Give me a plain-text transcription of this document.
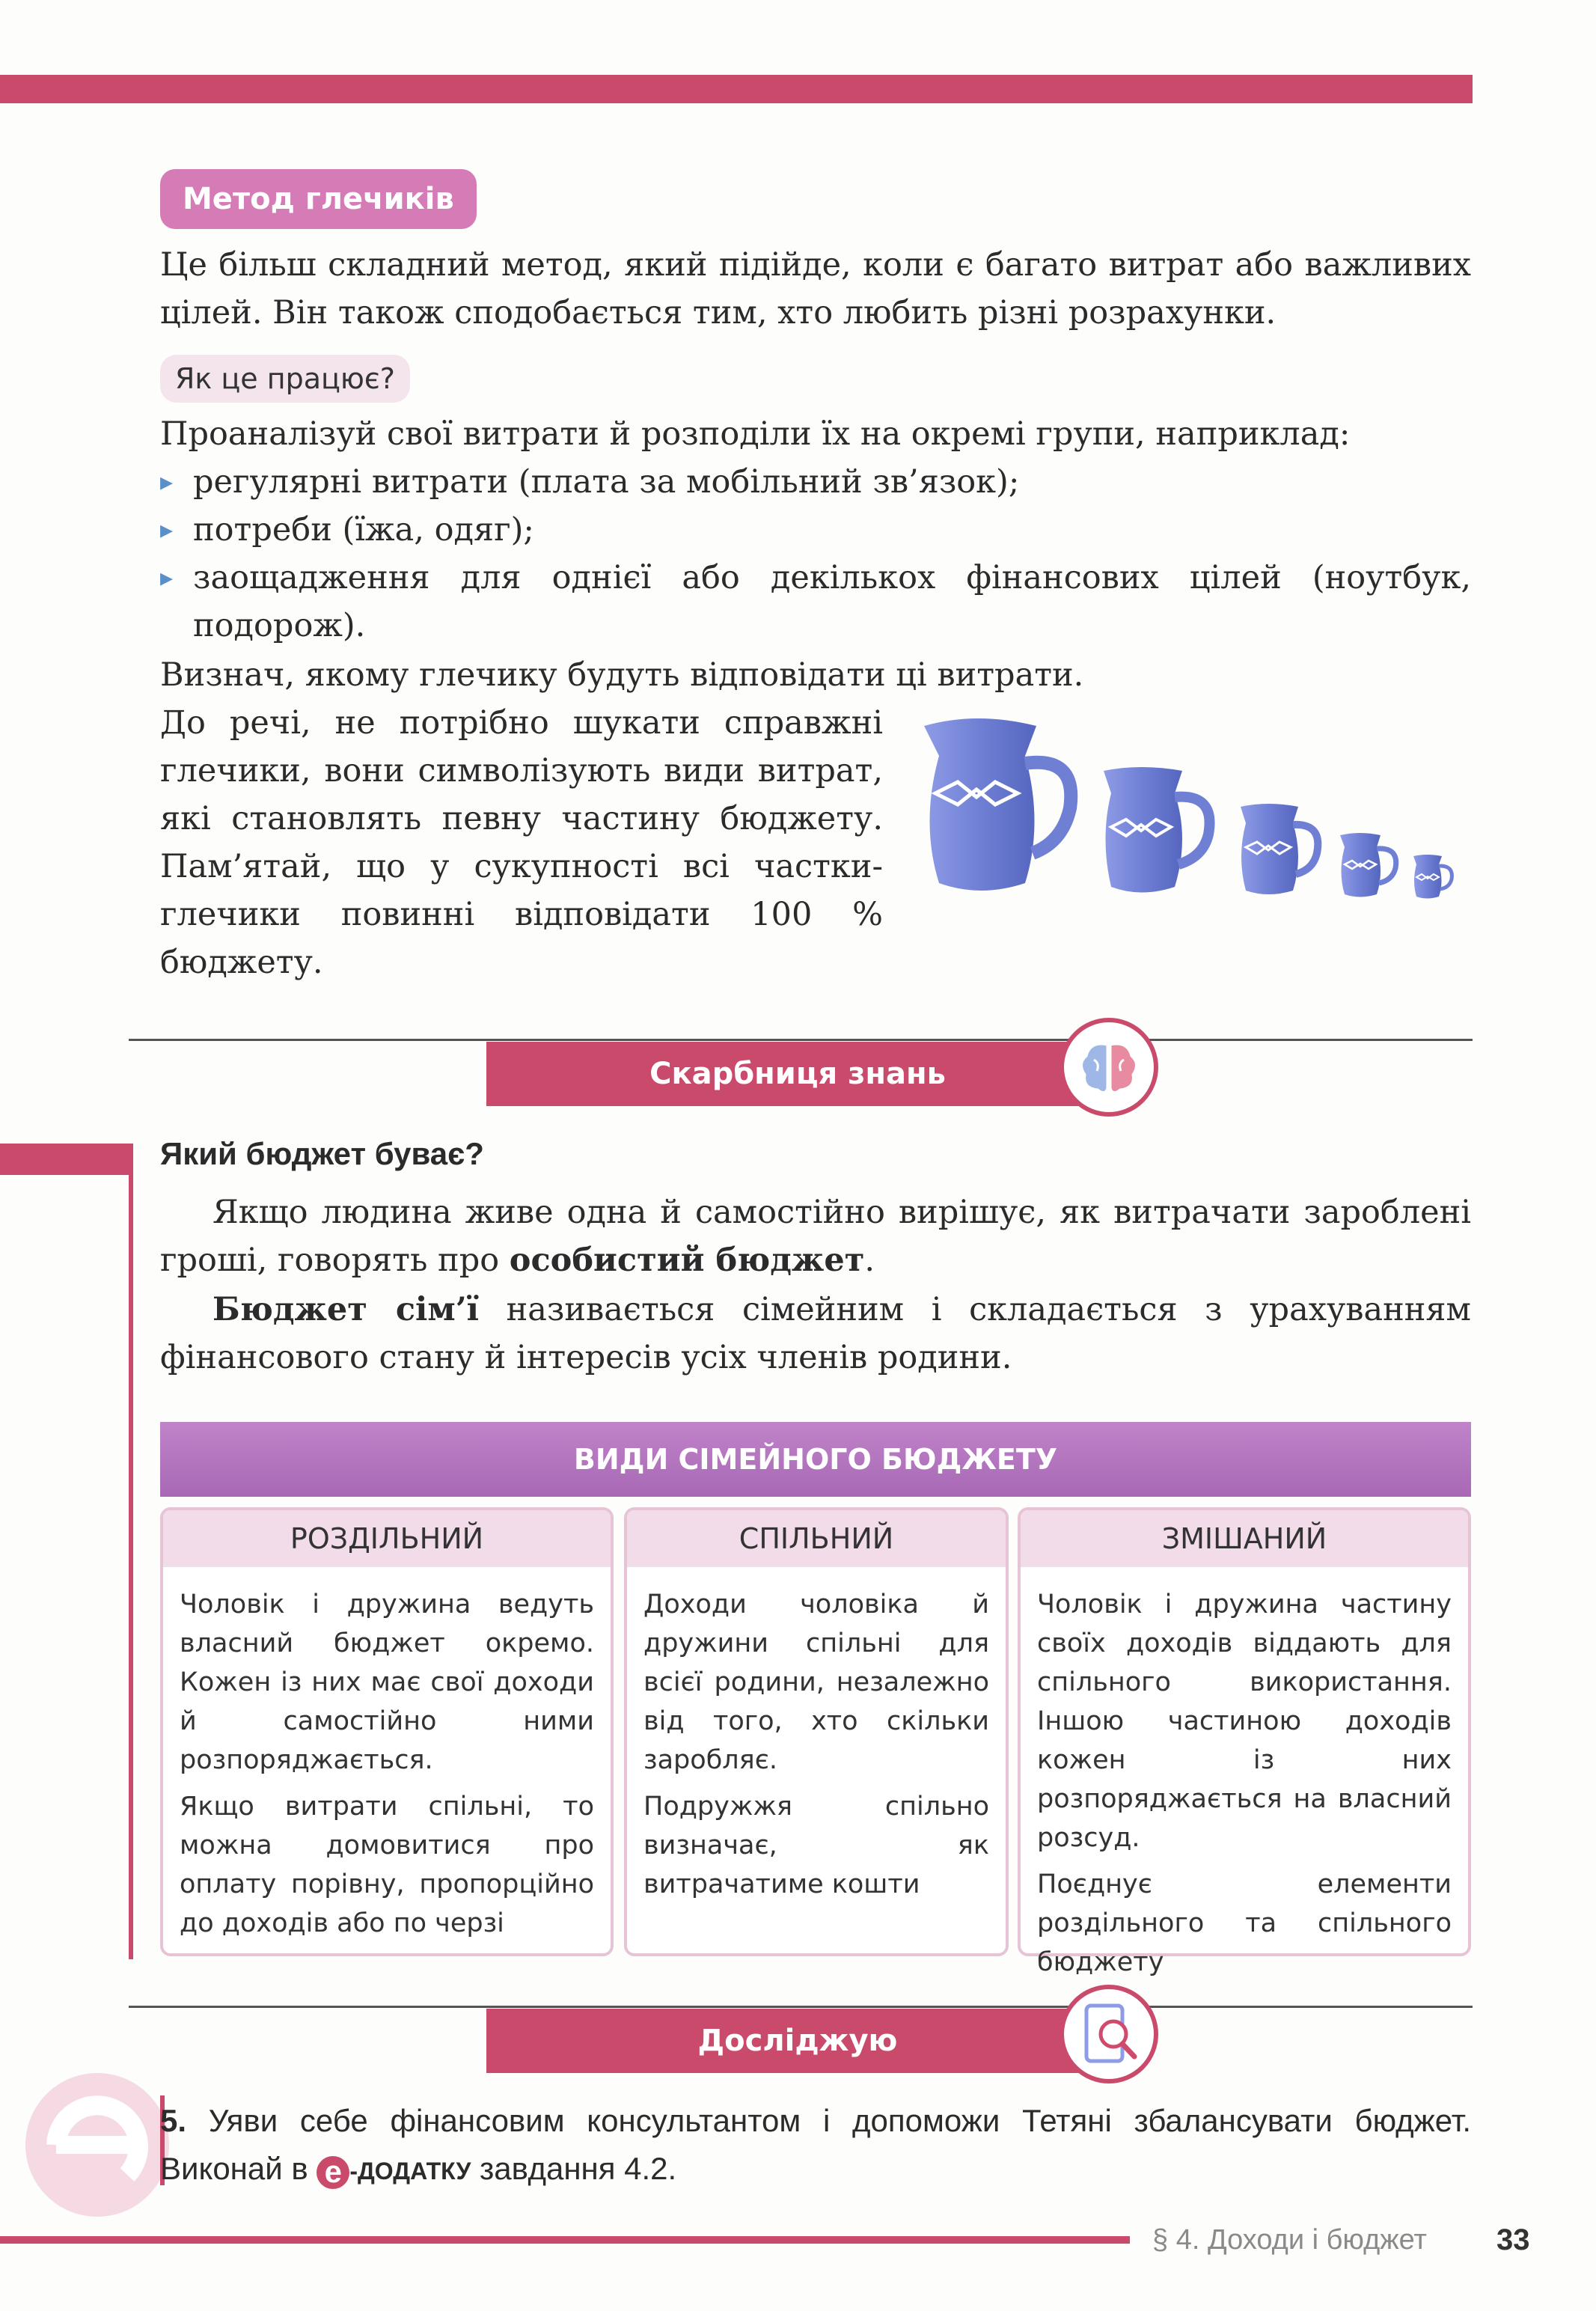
Метод глечиків
Це більш складний метод, який підійде, коли є багато витрат або важливих цілей. Він також сподобається тим, хто любить різні розрахунки.
Як це працює?
Проаналізуй свої витрати й розподіли їх на окремі групи, наприклад:
▸ регулярні витрати (плата за мобільний зв’язок);
▸ потреби (їжа, одяг);
▸ заощадження для однієї або декількох фінансових цілей (ноутбук, подорож).
Визнач, якому глечику будуть відповідати ці витрати.
До речі, не потрібно шукати справжні глечики, вони символізують види витрат, які становлять певну частину бюджету. Пам’ятай, що у сукупності всі частки-глечики повинні відповідати 100 % бюджету.
Скарбниця знань
Який бюджет буває?
Якщо людина живе одна й самостійно вирішує, як витрачати зароблені гроші, говорять про особистий бюджет.
Бюджет сім’ї називається сімейним і складається з урахуванням фінансового стану й інтересів усіх членів родини.
ВИДИ СІМЕЙНОГО БЮДЖЕТУ
РОЗДІЛЬНИЙ

Чоловік і дружина ведуть власний бюджет окремо. Кожен із них має свої доходи й самостійно ними розпоряджається.

Якщо витрати спільні, то можна домовитися про оплату порівну, пропорційно до доходів або по черзі

СПІЛЬНИЙ

Доходи чоловіка й дружини спільні для всієї родини, незалежно від того, хто скільки заробляє.

Подружжя спільно визначає, як витрачатиме кошти

ЗМІШАНИЙ

Чоловік і дружина частину своїх доходів віддають для спільного використання. Іншою частиною доходів кожен із них розпоряджається на власний розсуд.

Поєднує елементи роздільного та спільного бюджету

Досліджую
5. Уяви себе фінансовим консультантом і допоможи Тетяні збалансувати бюджет. Виконай в е -ДОДАТКУ завдання 4.2.
§ 4. Доходи і бюджет 33
